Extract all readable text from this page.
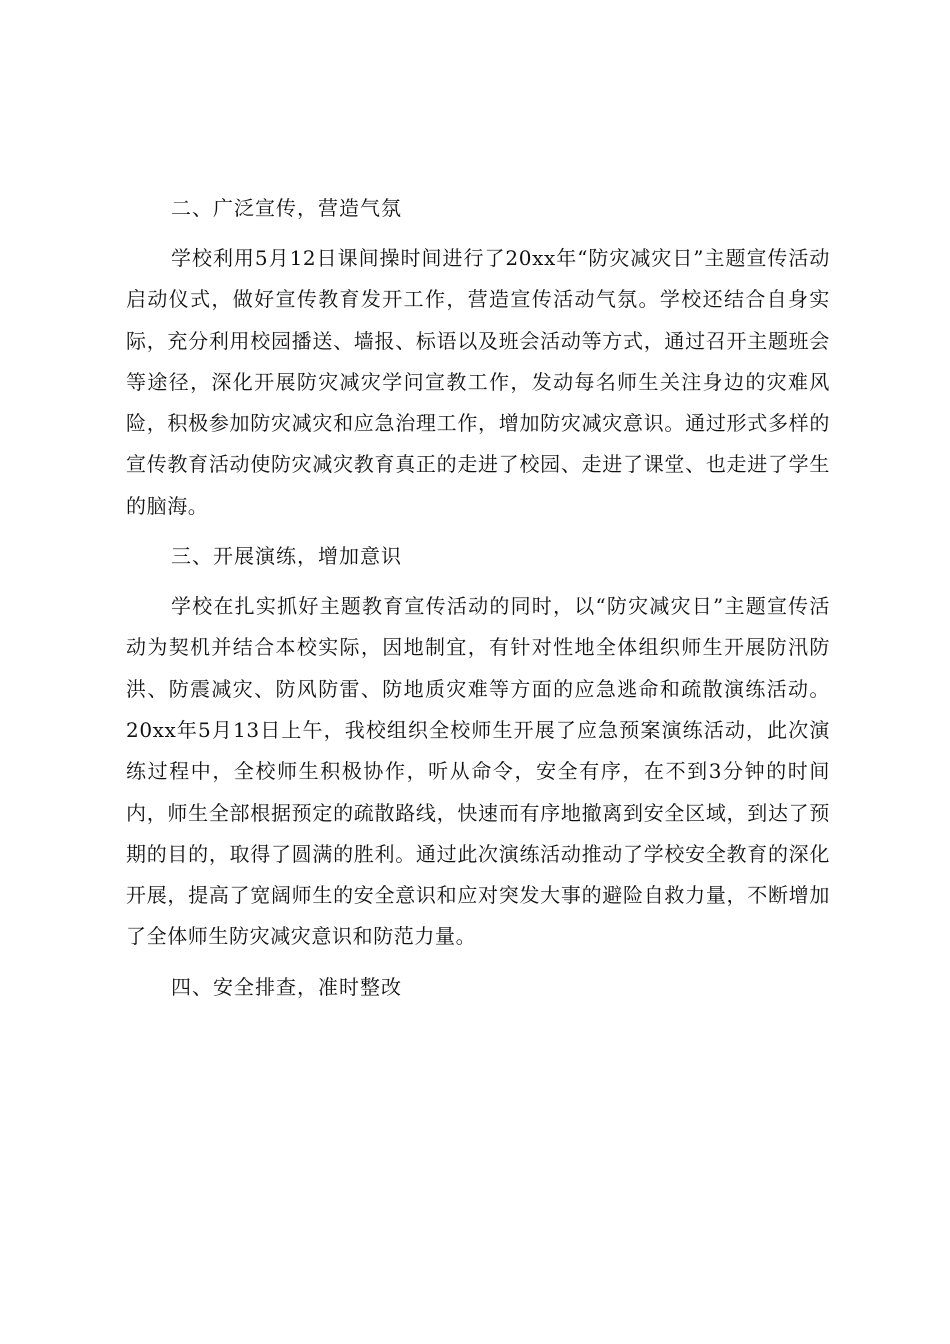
二、广泛宣传，营造气氛

学校利用5月12日课间操时间进行了20xx年“防灾减灾日”主题宣传活动启动仪式，做好宣传教育发开工作，营造宣传活动气氛。学校还结合自身实际，充分利用校园播送、墙报、标语以及班会活动等方式，通过召开主题班会等途径，深化开展防灾减灾学问宣教工作，发动每名师生关注身边的灾难风险，积极参加防灾减灾和应急治理工作，增加防灾减灾意识。通过形式多样的宣传教育活动使防灾减灾教育真正的走进了校园、走进了课堂、也走进了学生的脑海。

三、开展演练，增加意识

学校在扎实抓好主题教育宣传活动的同时，以“防灾减灾日”主题宣传活动为契机并结合本校实际，因地制宜，有针对性地全体组织师生开展防汛防洪、防震减灾、防风防雷、防地质灾难等方面的应急逃命和疏散演练活动。20xx年5月13日上午，我校组织全校师生开展了应急预案演练活动，此次演练过程中，全校师生积极协作，听从命令，安全有序，在不到3分钟的时间内，师生全部根据预定的疏散路线，快速而有序地撤离到安全区域，到达了预期的目的，取得了圆满的胜利。通过此次演练活动推动了学校安全教育的深化开展，提高了宽阔师生的安全意识和应对突发大事的避险自救力量，不断增加了全体师生防灾减灾意识和防范力量。

四、安全排查，准时整改
